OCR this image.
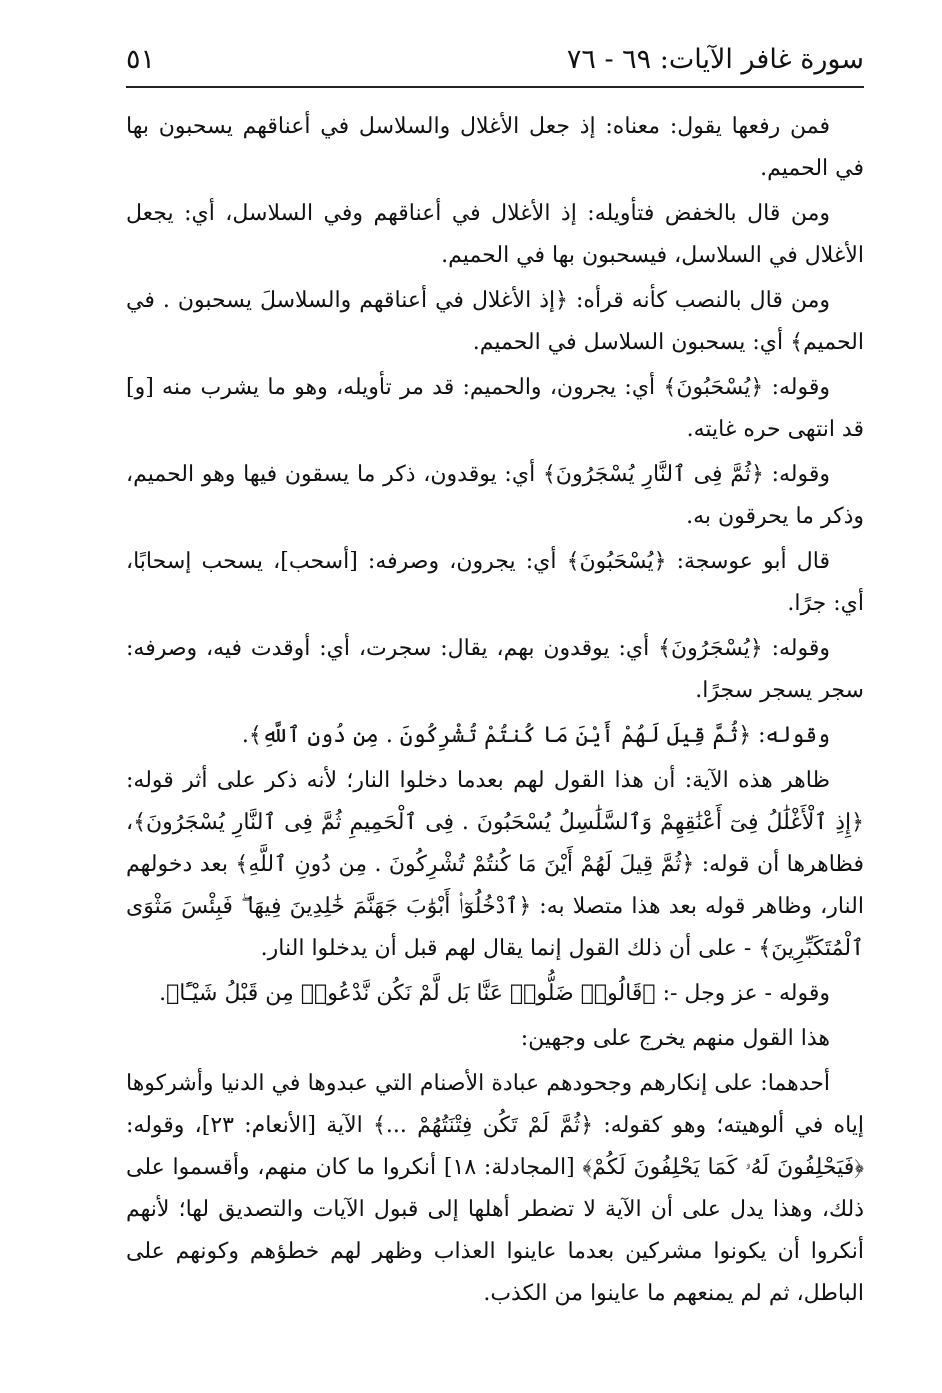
سورة غافر الآيات: ٦٩ - ٧٦
٥١

فمن رفعها يقول: معناه: إذ جعل الأغلال والسلاسل في أعناقهم يسحبون بها في الحميم.

ومن قال بالخفض فتأويله: إذ الأغلال في أعناقهم وفي السلاسل، أي: يجعل الأغلال في السلاسل، فيسحبون بها في الحميم.

ومن قال بالنصب كأنه قرأه: ﴿إذ الأغلال في أعناقهم والسلاسلَ يسحبون . في الحميم﴾ أي: يسحبون السلاسل في الحميم.

وقوله: ﴿يُسْحَبُونَ﴾ أي: يجرون، والحميم: قد مر تأويله، وهو ما يشرب منه [و] قد انتهى حره غايته.

وقوله: ﴿ثُمَّ فِى ٱلنَّارِ يُسْجَرُونَ﴾ أي: يوقدون، ذكر ما يسقون فيها وهو الحميم، وذكر ما يحرقون به.

قال أبو عوسجة: ﴿يُسْحَبُونَ﴾ أي: يجرون، وصرفه: [أسحب]، يسحب إسحابًا، أي: جرًا.

وقوله: ﴿يُسْجَرُونَ﴾ أي: يوقدون بهم، يقال: سجرت، أي: أوقدت فيه، وصرفه: سجر يسجر سجرًا.

وقوله: ﴿ثُمَّ قِيلَ لَهُمْ أَيْنَ مَا كُنتُمْ تُشْرِكُونَ . مِن دُونِ ٱللَّهِ﴾.

ظاهر هذه الآية: أن هذا القول لهم بعدما دخلوا النار؛ لأنه ذكر على أثر قوله: ﴿إِذِ ٱلْأَغْلَٰلُ فِىٓ أَعْنَٰقِهِمْ وَٱلسَّلَٰسِلُ يُسْحَبُونَ . فِى ٱلْحَمِيمِ ثُمَّ فِى ٱلنَّارِ يُسْجَرُونَ﴾، فظاهرها أن قوله: ﴿ثُمَّ قِيلَ لَهُمْ أَيْنَ مَا كُنتُمْ تُشْرِكُونَ . مِن دُونِ ٱللَّهِ﴾ بعد دخولهم النار، وظاهر قوله بعد هذا متصلا به: ﴿ٱدْخُلُوٓا۟ أَبْوَٰبَ جَهَنَّمَ خَٰلِدِينَ فِيهَا ۖ فَبِئْسَ مَثْوَى ٱلْمُتَكَبِّرِينَ﴾ - على أن ذلك القول إنما يقال لهم قبل أن يدخلوا النار.

وقوله - عز وجل -: ﴿قَالُوا۟ ضَلُّوا۟ عَنَّا بَل لَّمْ نَكُن نَّدْعُوا۟ مِن قَبْلُ شَيْـًٔا﴾.

هذا القول منهم يخرج على وجهين:

أحدهما: على إنكارهم وجحودهم عبادة الأصنام التي عبدوها في الدنيا وأشركوها إياه في ألوهيته؛ وهو كقوله: ﴿ثُمَّ لَمْ تَكُن فِتْنَتُهُمْ ...﴾ الآية [الأنعام: ٢٣]، وقوله: ﴿فَيَحْلِفُونَ لَهُۥ كَمَا يَحْلِفُونَ لَكُمْ﴾ [المجادلة: ١٨] أنكروا ما كان منهم، وأقسموا على ذلك، وهذا يدل على أن الآية لا تضطر أهلها إلى قبول الآيات والتصديق لها؛ لأنهم أنكروا أن يكونوا مشركين بعدما عاينوا العذاب وظهر لهم خطؤهم وكونهم على الباطل، ثم لم يمنعهم ما عاينوا من الكذب.
